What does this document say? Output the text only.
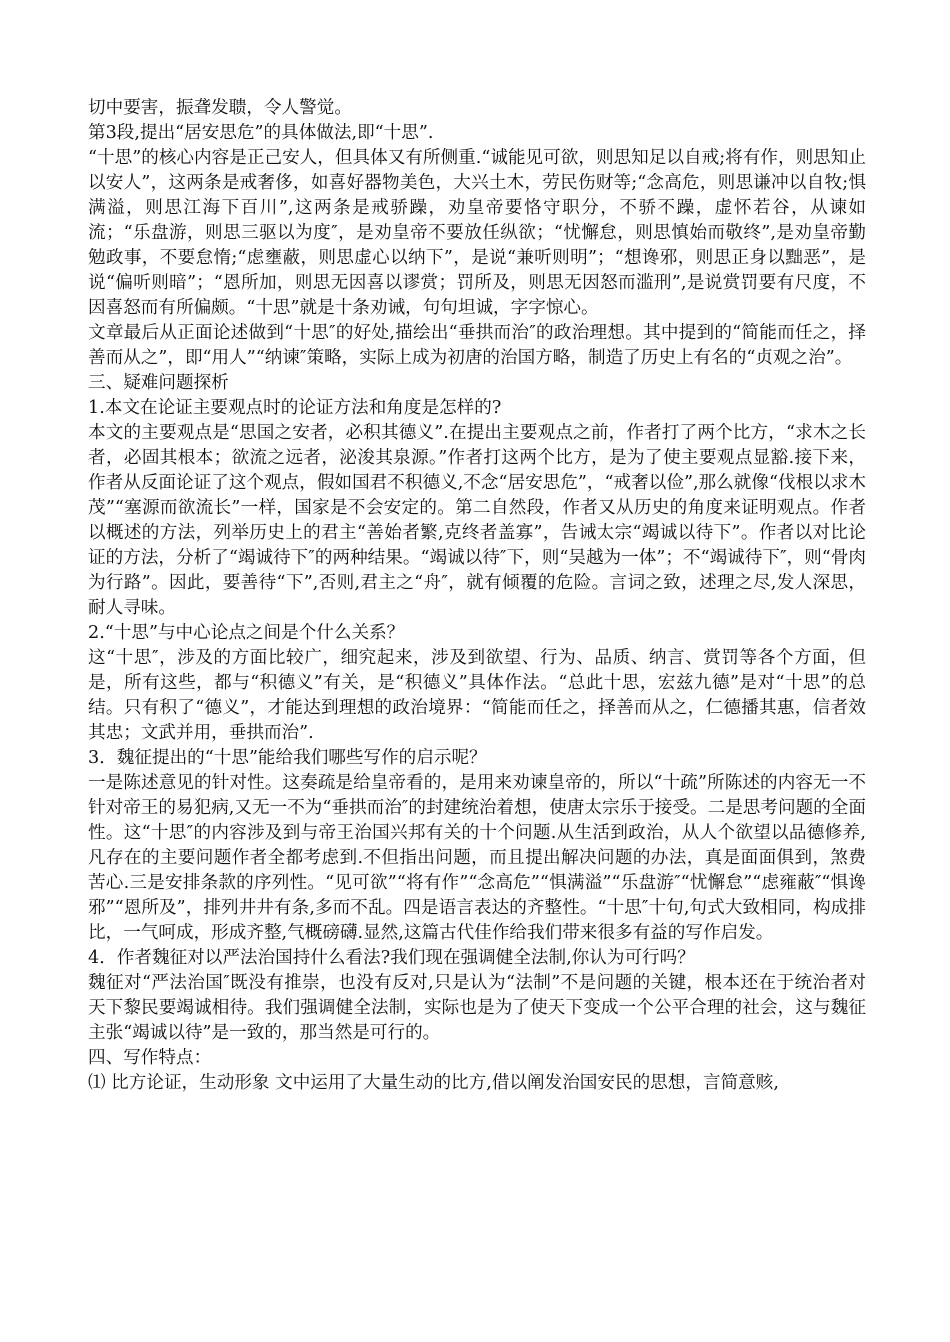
切中要害，振聋发聩，令人警觉。

第3段,提出“居安思危”的具体做法,即“十思”.

“十思”的核心内容是正己安人，但具体又有所侧重.“诚能见可欲，则思知足以自戒;将有作，则思知止以安人”，这两条是戒奢侈，如喜好器物美色，大兴土木，劳民伤财等;“念高危，则思谦冲以自牧;惧满溢，则思江海下百川”,这两条是戒骄躁，劝皇帝要恪守职分，不骄不躁，虚怀若谷，从谏如流；“乐盘游，则思三驱以为度″，是劝皇帝不要放任纵欲；“忧懈怠，则思慎始而敬终”,是劝皇帝勤勉政事，不要怠惰;“虑壅蔽，则思虚心以纳下”，是说“兼听则明”；“想谗邪，则思正身以黜恶”，是说“偏听则暗”；“恩所加，则思无因喜以谬赏；罚所及，则思无因怒而滥刑”,是说赏罚要有尺度，不因喜怒而有所偏颇。“十思”就是十条劝诫，句句坦诚，字字惊心。

文章最后从正面论述做到“十思″的好处,描绘出“垂拱而治″的政治理想。其中提到的“简能而任之，择善而从之”，即“用人”“纳谏″策略，实际上成为初唐的治国方略，制造了历史上有名的“贞观之治”。

三、疑难问题探析

1.本文在论证主要观点时的论证方法和角度是怎样的?

本文的主要观点是“思国之安者，必积其德义”.在提出主要观点之前，作者打了两个比方，“求木之长者，必固其根本；欲流之远者，泌浚其泉源。”作者打这两个比方，是为了使主要观点显豁.接下来，作者从反面论证了这个观点，假如国君不积德义,不念“居安思危”，“戒奢以俭”,那么就像“伐根以求木茂”“塞源而欲流长”一样，国家是不会安定的。第二自然段，作者又从历史的角度来证明观点。作者以概述的方法，列举历史上的君主“善始者繁,克终者盖寡”，告诫太宗“竭诚以待下”。作者以对比论证的方法，分析了“竭诚待下″的两种结果。“竭诚以待″下，则“吴越为一体”；不“竭诚待下″，则“骨肉为行路”。因此，要善待“下”,否则,君主之“舟″，就有倾覆的危险。言词之致，述理之尽,发人深思，耐人寻味。

2.“十思”与中心论点之间是个什么关系？

这“十思″，涉及的方面比较广，细究起来，涉及到欲望、行为、品质、纳言、赏罚等各个方面，但是，所有这些，都与“积德义”有关，是“积德义”具体作法。“总此十思，宏兹九德”是对“十思”的总结。只有积了“德义”，才能达到理想的政治境界：“简能而任之，择善而从之，仁德播其惠，信者效其忠；文武并用，垂拱而治”.

3．魏征提出的“十思”能给我们哪些写作的启示呢？

一是陈述意见的针对性。这奏疏是给皇帝看的，是用来劝谏皇帝的，所以“十疏”所陈述的内容无一不针对帝王的易犯病,又无一不为“垂拱而治″的封建统治着想，使唐太宗乐于接受。二是思考问题的全面性。这“十思″的内容涉及到与帝王治国兴邦有关的十个问题.从生活到政治，从人个欲望以品德修养,凡存在的主要问题作者全都考虑到.不但指出问题，而且提出解决问题的办法，真是面面俱到，煞费苦心.三是安排条款的序列性。“见可欲”“将有作”“念高危”“惧满溢”“乐盘游″“忧懈怠”“虑雍蔽″“惧谗邪”“恩所及”，排列井井有条,多而不乱。四是语言表达的齐整性。“十思″十句,句式大致相同，构成排比，一气呵成，形成齐整,气概磅礴.显然,这篇古代佳作给我们带来很多有益的写作启发。

4．作者魏征对以严法治国持什么看法?我们现在强调健全法制,你认为可行吗？

魏征对“严法治国″既没有推崇，也没有反对,只是认为“法制”不是问题的关键，根本还在于统治者对天下黎民要竭诚相待。我们强调健全法制，实际也是为了使天下变成一个公平合理的社会，这与魏征主张“竭诚以待”是一致的，那当然是可行的。

四、写作特点：

⑴ 比方论证，生动形象 文中运用了大量生动的比方,借以阐发治国安民的思想，言简意赅,
